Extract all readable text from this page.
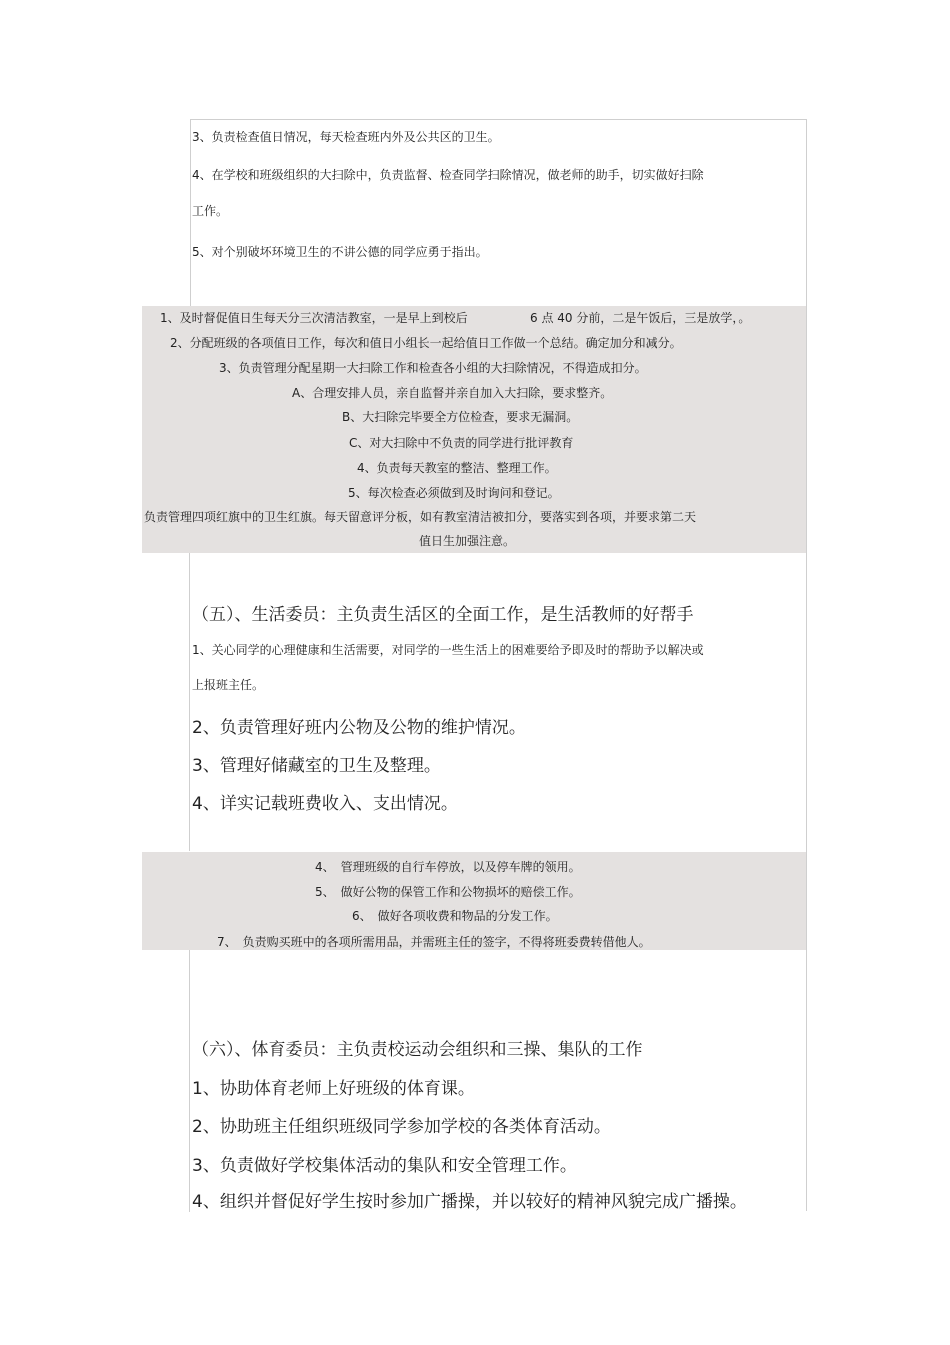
3、负责检查值日情况，每天检查班内外及公共区的卫生。
4、在学校和班级组织的大扫除中，负责监督、检查同学扫除情况，做老师的助手，切实做好扫除
工作。
5、对个别破坏环境卫生的不讲公德的同学应勇于指出。
1、及时督促值日生每天分三次清洁教室，一是早上到校后	6 点 40 分前，二是午饭后，三是放学，。
2、分配班级的各项值日工作，每次和值日小组长一起给值日工作做一个总结。确定加分和减分。
3、负责管理分配星期一大扫除工作和检查各小组的大扫除情况，不得造成扣分。
A、合理安排人员，亲自监督并亲自加入大扫除，要求整齐。
B、大扫除完毕要全方位检查，要求无漏洞。
C、对大扫除中不负责的同学进行批评教育
4、负责每天教室的整洁、整理工作。
5、每次检查必须做到及时询问和登记。
负责管理四项红旗中的卫生红旗。每天留意评分板，如有教室清洁被扣分，要落实到各项，并要求第二天
值日生加强注意。
（五）、生活委员：主负责生活区的全面工作，是生活教师的好帮手
1、关心同学的心理健康和生活需要，对同学的一些生活上的困难要给予即及时的帮助予以解决或
上报班主任。
2、负责管理好班内公物及公物的维护情况。
3、管理好储藏室的卫生及整理。
4、详实记载班费收入、支出情况。
4、　管理班级的自行车停放，以及停车牌的领用。
5、　做好公物的保管工作和公物损坏的赔偿工作。
6、　做好各项收费和物品的分发工作。
7、　负责购买班中的各项所需用品，并需班主任的签字，不得将班委费转借他人。
（六）、体育委员：主负责校运动会组织和三操、集队的工作
1、协助体育老师上好班级的体育课。
2、协助班主任组织班级同学参加学校的各类体育活动。
3、负责做好学校集体活动的集队和安全管理工作。
4、组织并督促好学生按时参加广播操，并以较好的精神风貌完成广播操。
